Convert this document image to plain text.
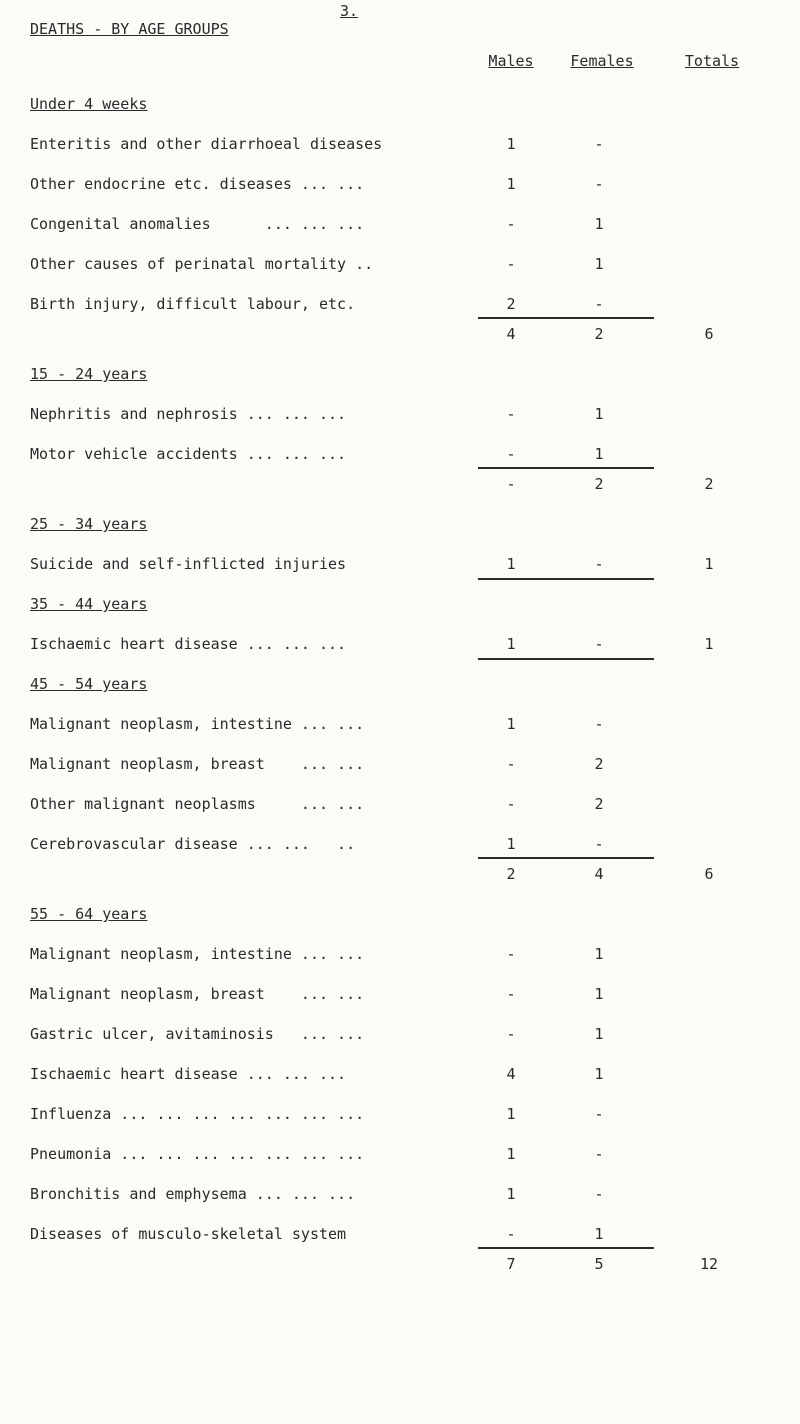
3.
DEATHS - BY AGE GROUPS
Males	Females	Totals
Under 4 weeks
Enteritis and other diarrhoeal diseases	1	-
Other endocrine etc. diseases ... ...	1	-
Congenital anomalies      ... ... ...	-	1
Other causes of perinatal mortality ..	-	1
Birth injury, difficult labour, etc.	2	-
4	2	6
15 - 24 years
Nephritis and nephrosis ... ... ...	-	1
Motor vehicle accidents ... ... ...	-	1
-	2	2
25 - 34 years
Suicide and self-inflicted injuries	1	-	1
35 - 44 years
Ischaemic heart disease ... ... ...	1	-	1
45 - 54 years
Malignant neoplasm, intestine ... ...	1	-
Malignant neoplasm, breast    ... ...	-	2
Other malignant neoplasms     ... ...	-	2
Cerebrovascular disease ... ...   ..	1	-
2	4	6
55 - 64 years
Malignant neoplasm, intestine ... ...	-	1
Malignant neoplasm, breast    ... ...	-	1
Gastric ulcer, avitaminosis   ... ...	-	1
Ischaemic heart disease ... ... ...	4	1
Influenza ... ... ... ... ... ... ...	1	-
Pneumonia ... ... ... ... ... ... ...	1	-
Bronchitis and emphysema ... ... ...	1	-
Diseases of musculo-skeletal system	-	1
7	5	12
